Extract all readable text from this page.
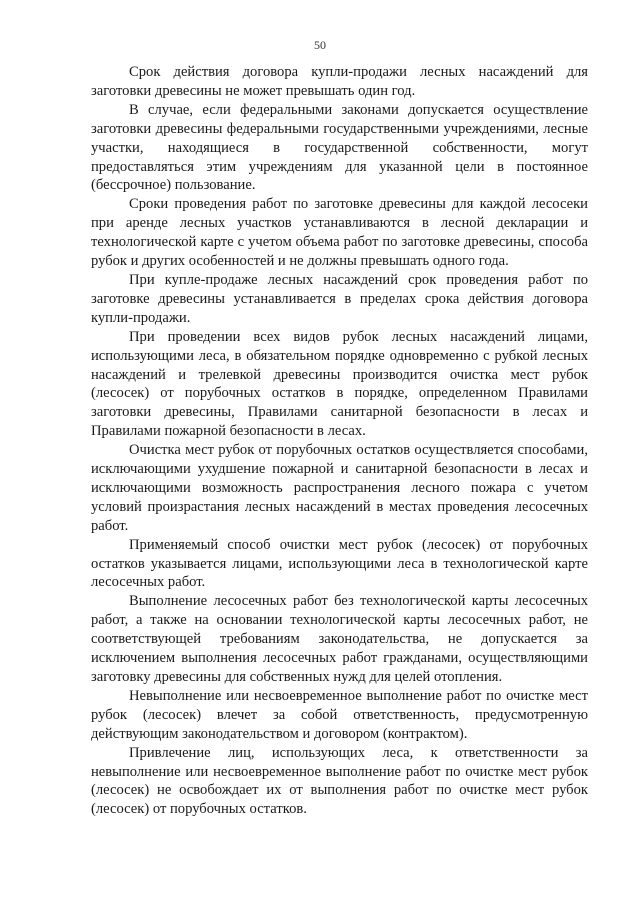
50

Срок действия договора купли-продажи лесных насаждений для заготовки древесины не может превышать один год.

В случае, если федеральными законами допускается осуществление заготовки древесины федеральными государственными учреждениями, лесные участки, находящиеся в государственной собственности, могут предоставляться этим учреждениям для указанной цели в постоянное (бессрочное) пользование.

Сроки проведения работ по заготовке древесины для каждой лесосеки при аренде лесных участков устанавливаются в лесной декларации и технологической карте с учетом объема работ по заготовке древесины, способа рубок и других особенностей и не должны превышать одного года.

При купле-продаже лесных насаждений срок проведения работ по заготовке древесины устанавливается в пределах срока действия договора купли-продажи.

При проведении всех видов рубок лесных насаждений лицами, использующими леса, в обязательном порядке одновременно с рубкой лесных насаждений и трелевкой древесины производится очистка мест рубок (лесосек) от порубочных остатков в порядке, определенном Правилами заготовки древесины, Правилами санитарной безопасности в лесах и Правилами пожарной безопасности в лесах.

Очистка мест рубок от порубочных остатков осуществляется способами, исключающими ухудшение пожарной и санитарной безопасности в лесах и исключающими возможность распространения лесного пожара с учетом условий произрастания лесных насаждений в местах проведения лесосечных работ.

Применяемый способ очистки мест рубок (лесосек) от порубочных остатков указывается лицами, использующими леса в технологической карте лесосечных работ.

Выполнение лесосечных работ без технологической карты лесосечных работ, а также на основании технологической карты лесосечных работ, не соответствующей требованиям законодательства, не допускается за исключением выполнения лесосечных работ гражданами, осуществляющими заготовку древесины для собственных нужд для целей отопления.

Невыполнение или несвоевременное выполнение работ по очистке мест рубок (лесосек) влечет за собой ответственность, предусмотренную действующим законодательством и договором (контрактом).

Привлечение лиц, использующих леса, к ответственности за невыполнение или несвоевременное выполнение работ по очистке мест рубок (лесосек) не освобождает их от выполнения работ по очистке мест рубок (лесосек) от порубочных остатков.
